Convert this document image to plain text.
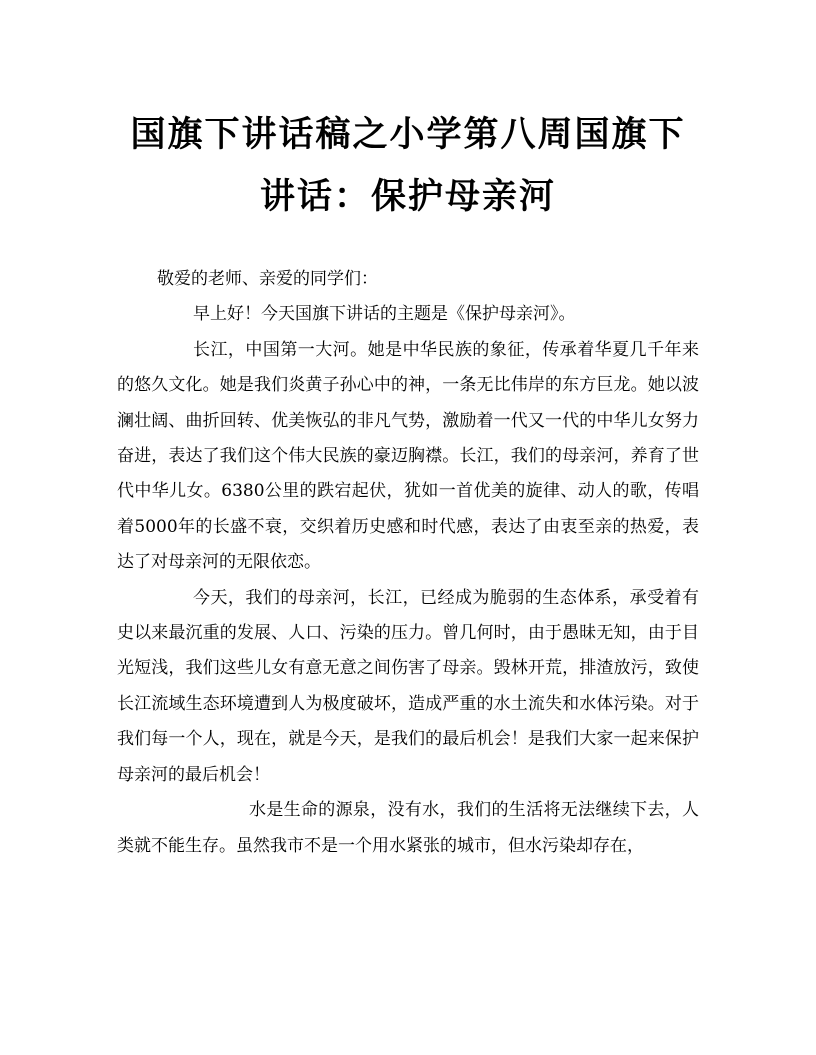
国旗下讲话稿之小学第八周国旗下讲话：保护母亲河

敬爱的老师、亲爱的同学们：

早上好！今天国旗下讲话的主题是《保护母亲河》。

长江，中国第一大河。她是中华民族的象征，传承着华夏几千年来的悠久文化。她是我们炎黄子孙心中的神，一条无比伟岸的东方巨龙。她以波澜壮阔、曲折回转、优美恢弘的非凡气势，激励着一代又一代的中华儿女努力奋进，表达了我们这个伟大民族的豪迈胸襟。长江，我们的母亲河，养育了世代中华儿女。6380公里的跌宕起伏，犹如一首优美的旋律、动人的歌，传唱着5000年的长盛不衰，交织着历史感和时代感，表达了由衷至亲的热爱，表达了对母亲河的无限依恋。

今天，我们的母亲河，长江，已经成为脆弱的生态体系，承受着有史以来最沉重的发展、人口、污染的压力。曾几何时，由于愚昧无知，由于目光短浅，我们这些儿女有意无意之间伤害了母亲。毁林开荒，排渣放污，致使长江流域生态环境遭到人为极度破坏，造成严重的水土流失和水体污染。对于我们每一个人，现在，就是今天，是我们的最后机会！是我们大家一起来保护母亲河的最后机会！

水是生命的源泉，没有水，我们的生活将无法继续下去，人类就不能生存。虽然我市不是一个用水紧张的城市，但水污染却存在，
